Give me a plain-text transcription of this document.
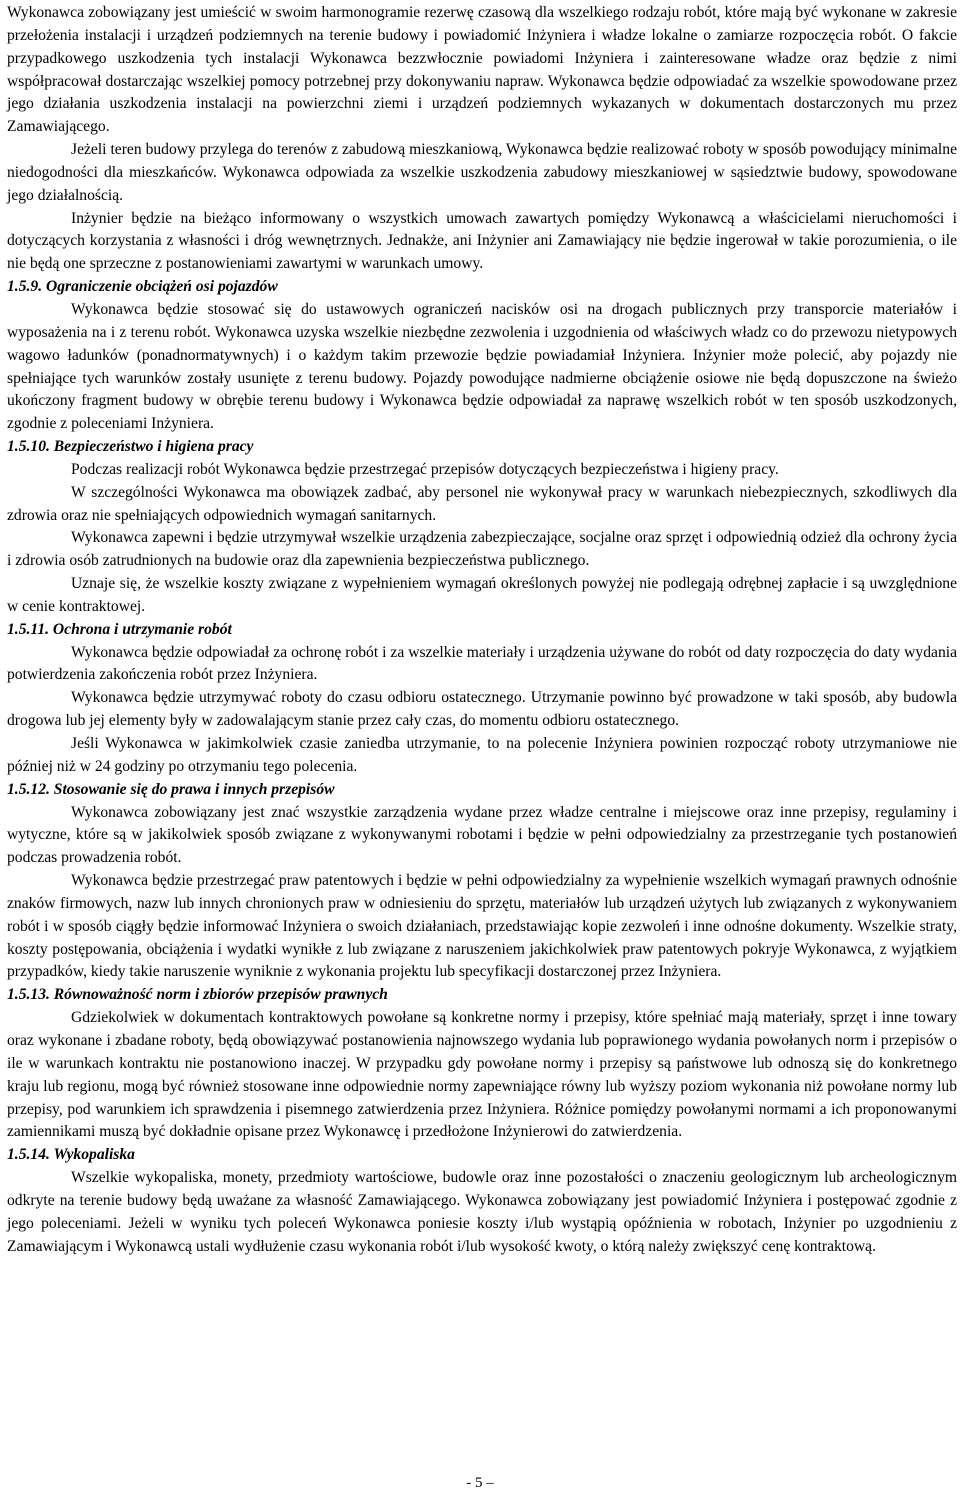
Wykonawca zobowiązany jest umieścić w swoim harmonogramie rezerwę czasową dla wszelkiego rodzaju robót, które mają być wykonane w zakresie przełożenia instalacji i urządzeń podziemnych na terenie budowy i powiadomić Inżyniera i władze lokalne o zamiarze rozpoczęcia robót. O fakcie przypadkowego uszkodzenia tych instalacji Wykonawca bezzwłocznie powiadomi Inżyniera i zainteresowane władze oraz będzie z nimi współpracował dostarczając wszelkiej pomocy potrzebnej przy dokonywaniu napraw. Wykonawca będzie odpowiadać za wszelkie spowodowane przez jego działania uszkodzenia instalacji na powierzchni ziemi i urządzeń podziemnych wykazanych w dokumentach dostarczonych mu przez Zamawiającego.

Jeżeli teren budowy przylega do terenów z zabudową mieszkaniową, Wykonawca będzie realizować roboty w sposób powodujący minimalne niedogodności dla mieszkańców. Wykonawca odpowiada za wszelkie uszkodzenia zabudowy mieszkaniowej w sąsiedztwie budowy, spowodowane jego działalnością.

Inżynier będzie na bieżąco informowany o wszystkich umowach zawartych pomiędzy Wykonawcą a właścicielami nieruchomości i dotyczących korzystania z własności i dróg wewnętrznych. Jednakże, ani Inżynier ani Zamawiający nie będzie ingerował w takie porozumienia, o ile nie będą one sprzeczne z postanowieniami zawartymi w warunkach umowy.

1.5.9. Ograniczenie obciążeń osi pojazdów

Wykonawca będzie stosować się do ustawowych ograniczeń nacisków osi na drogach publicznych przy transporcie materiałów i wyposażenia na i z terenu robót. Wykonawca uzyska wszelkie niezbędne zezwolenia i uzgodnienia od właściwych władz co do przewozu nietypowych wagowo ładunków (ponadnormatywnych) i o każdym takim przewozie będzie powiadamiał Inżyniera. Inżynier może polecić, aby pojazdy nie spełniające tych warunków zostały usunięte z terenu budowy. Pojazdy powodujące nadmierne obciążenie osiowe nie będą dopuszczone na świeżo ukończony fragment budowy w obrębie terenu budowy i Wykonawca będzie odpowiadał za naprawę wszelkich robót w ten sposób uszkodzonych, zgodnie z poleceniami Inżyniera.

1.5.10. Bezpieczeństwo i higiena pracy

Podczas realizacji robót Wykonawca będzie przestrzegać przepisów dotyczących bezpieczeństwa i higieny pracy.

W szczególności Wykonawca ma obowiązek zadbać, aby personel nie wykonywał pracy w warunkach niebezpiecznych, szkodliwych dla zdrowia oraz nie spełniających odpowiednich wymagań sanitarnych.

Wykonawca zapewni i będzie utrzymywał wszelkie urządzenia zabezpieczające, socjalne oraz sprzęt i odpowiednią odzież dla ochrony życia i zdrowia osób zatrudnionych na budowie oraz dla zapewnienia bezpieczeństwa publicznego.

Uznaje się, że wszelkie koszty związane z wypełnieniem wymagań określonych powyżej nie podlegają odrębnej zapłacie i są uwzględnione w cenie kontraktowej.

1.5.11. Ochrona i utrzymanie robót

Wykonawca będzie odpowiadał za ochronę robót i za wszelkie materiały i urządzenia używane do robót od daty rozpoczęcia do daty wydania potwierdzenia zakończenia robót przez Inżyniera.

Wykonawca będzie utrzymywać roboty do czasu odbioru ostatecznego. Utrzymanie powinno być prowadzone w taki sposób, aby budowla drogowa lub jej elementy były w zadowalającym stanie przez cały czas, do momentu odbioru ostatecznego.

Jeśli Wykonawca w jakimkolwiek czasie zaniedba utrzymanie, to na polecenie Inżyniera powinien rozpocząć roboty utrzymaniowe nie później niż w 24 godziny po otrzymaniu tego polecenia.

1.5.12. Stosowanie się do prawa i innych przepisów

Wykonawca zobowiązany jest znać wszystkie zarządzenia wydane przez władze centralne i miejscowe oraz inne przepisy, regulaminy i wytyczne, które są w jakikolwiek sposób związane z wykonywanymi robotami i będzie w pełni odpowiedzialny za przestrzeganie tych postanowień podczas prowadzenia robót.

Wykonawca będzie przestrzegać praw patentowych i będzie w pełni odpowiedzialny za wypełnienie wszelkich wymagań prawnych odnośnie znaków firmowych, nazw lub innych chronionych praw w odniesieniu do sprzętu, materiałów lub urządzeń użytych lub związanych z wykonywaniem robót i w sposób ciągły będzie informować Inżyniera o swoich działaniach, przedstawiając kopie zezwoleń i inne odnośne dokumenty. Wszelkie straty, koszty postępowania, obciążenia i wydatki wynikłe z lub związane z naruszeniem jakichkolwiek praw patentowych pokryje Wykonawca, z wyjątkiem przypadków, kiedy takie naruszenie wyniknie z wykonania projektu lub specyfikacji dostarczonej przez Inżyniera.

1.5.13. Równoważność norm i zbiorów przepisów prawnych

Gdziekolwiek w dokumentach kontraktowych powołane są konkretne normy i przepisy, które spełniać mają materiały, sprzęt i inne towary oraz wykonane i zbadane roboty, będą obowiązywać postanowienia najnowszego wydania lub poprawionego wydania powołanych norm i przepisów o ile w warunkach kontraktu nie postanowiono inaczej. W przypadku gdy powołane normy i przepisy są państwowe lub odnoszą się do konkretnego kraju lub regionu, mogą być również stosowane inne odpowiednie normy zapewniające równy lub wyższy poziom wykonania niż powołane normy lub przepisy, pod warunkiem ich sprawdzenia i pisemnego zatwierdzenia przez Inżyniera. Różnice pomiędzy powołanymi normami a ich proponowanymi zamiennikami muszą być dokładnie opisane przez Wykonawcę i przedłożone Inżynierowi do zatwierdzenia.

1.5.14. Wykopaliska

Wszelkie wykopaliska, monety, przedmioty wartościowe, budowle oraz inne pozostałości o znaczeniu geologicznym lub archeologicznym odkryte na terenie budowy będą uważane za własność Zamawiającego. Wykonawca zobowiązany jest powiadomić Inżyniera i postępować zgodnie z jego poleceniami. Jeżeli w wyniku tych poleceń Wykonawca poniesie koszty i/lub wystąpią opóźnienia w robotach, Inżynier po uzgodnieniu z Zamawiającym i Wykonawcą ustali wydłużenie czasu wykonania robót i/lub wysokość kwoty, o którą należy zwiększyć cenę kontraktową.

- 5 –
